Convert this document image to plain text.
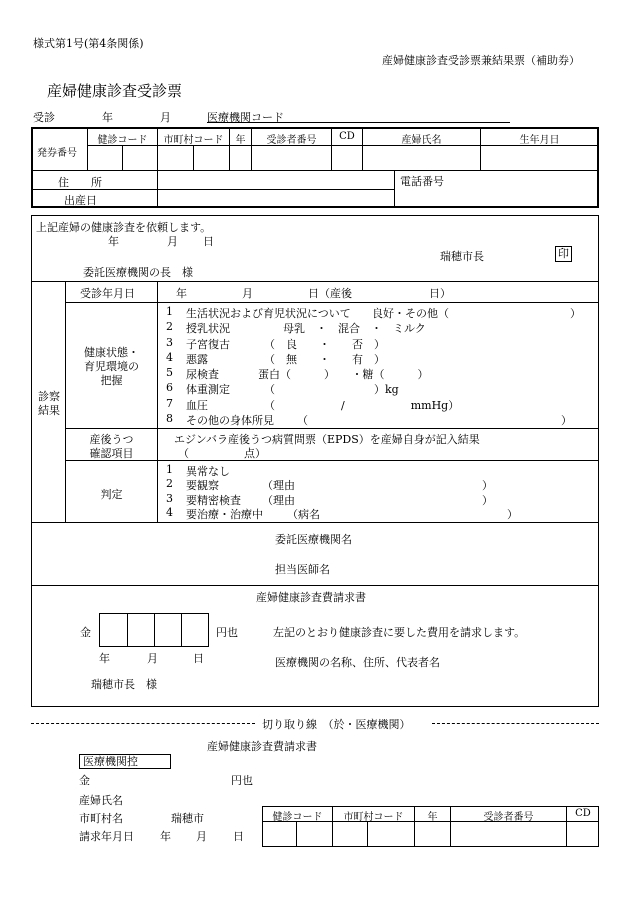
様式第1号(第4条関係)
産婦健康診査受診票兼結果票（補助券）
産婦健康診査受診票
受診	年	月	医療機関コード
発券番号
健診コード	市町村コード	年	受診者番号	CD	産婦氏名	生年月日
住　　所	電話番号
出産日
上記産婦の健康診査を依頼します。
年	月 日
瑞穂市長	印
委託医療機関の長　様
診察
結果
受診年月日	年　　　　　月　　　　　日（産後　　　　　　　日）
健康状態・
育児環境の
把握
1 生活状況および育児状況について 良好・その他（　　　　　　　　　　　）
2 授乳状況	母乳　・　混合　・　ミルク
3 子宮復古	（　良　　・　　否　）
4 悪露	（　無　　・　　有　）
5 尿検査	蛋白（　　　）　　・糖（　　　）
6 体重測定	（　　　　　　　　　）kg
7 血圧	（　　　　　　/　　　　　　mmHg）
8 その他の身体所見 （　　　　　　　　　　　　　　　　　　　　　　　）
産後うつ
確認項目
エジンバラ産後うつ病質問票（EPDS）を産婦自身が記入結果
（　　　　　点）
判定
1 異常なし
2 要観察	（理由　　　　　　　　　　　　　　　　　）
3 要精密検査 （理由　　　　　　　　　　　　　　　　　）
4 要治療・治療中 （病名　　　　　　　　　　　　　　　　　）
委託医療機関名
担当医師名
産婦健康診査費請求書
金	円也	左記のとおり健康診査に要した費用を請求します。
年	月	日	医療機関の名称、住所、代表者名
瑞穂市長　様
切り取り線　（於・医療機関）
産婦健康診査費請求書
医療機関控
金	円也
産婦氏名
市町村名	瑞穂市
請求年月日 年 月 日
健診コード	市町村コード	年	受診者番号	CD
